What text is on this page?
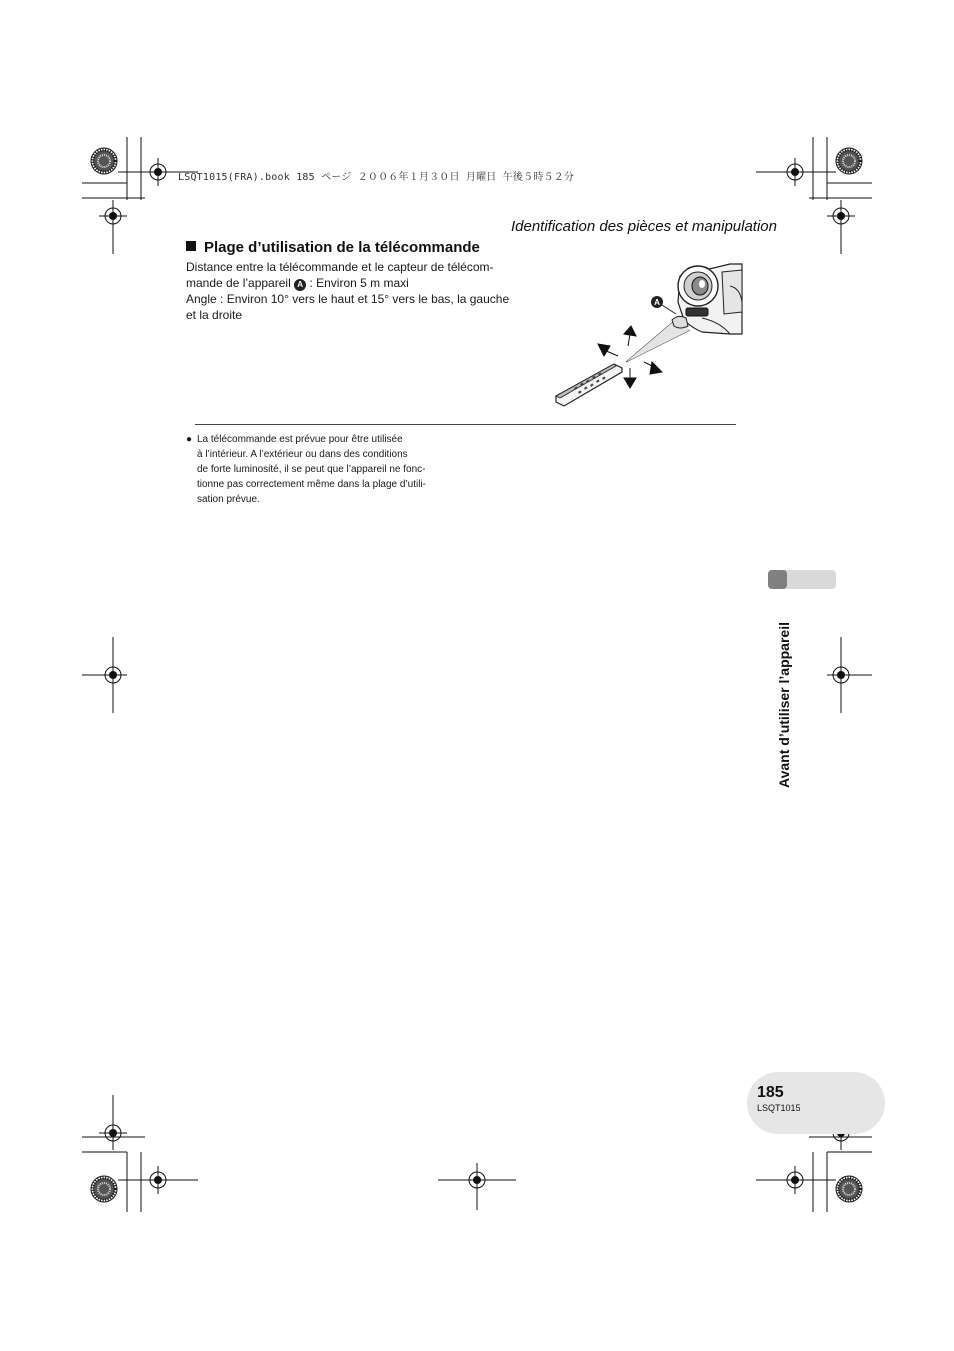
LSQT1015(FRA).book 185 ページ ２００６年１月３０日 月曜日 午後５時５２分
Identification des pièces et manipulation
Plage d’utilisation de la télécommande

Distance entre la télécommande et le capteur de télécom-

mande de l’appareil A : Environ 5 m maxi

Angle : Environ 10° vers le haut et 15° vers le bas, la gauche

et la droite

A
● La télécommande est prévue pour être utilisée
à l’intérieur. A l’extérieur ou dans des conditions
de forte luminosité, il se peut que l’appareil ne fonc-
tionne pas correctement même dans la plage d’utili-
sation prévue.
Avant d’utiliser l’appareil
185
LSQT1015
